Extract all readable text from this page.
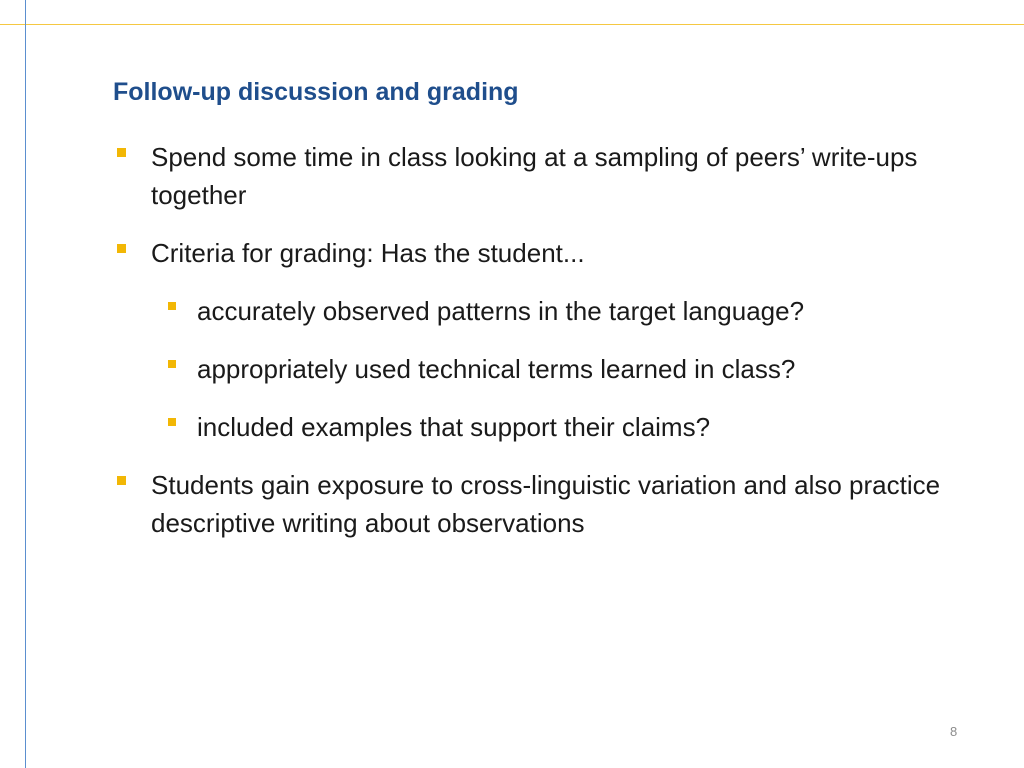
Follow-up discussion and grading
Spend some time in class looking at a sampling of peers’ write-ups together
Criteria for grading: Has the student...
accurately observed patterns in the target language?
appropriately used technical terms learned in class?
included examples that support their claims?
Students gain exposure to cross-linguistic variation and also practice descriptive writing about observations
8
